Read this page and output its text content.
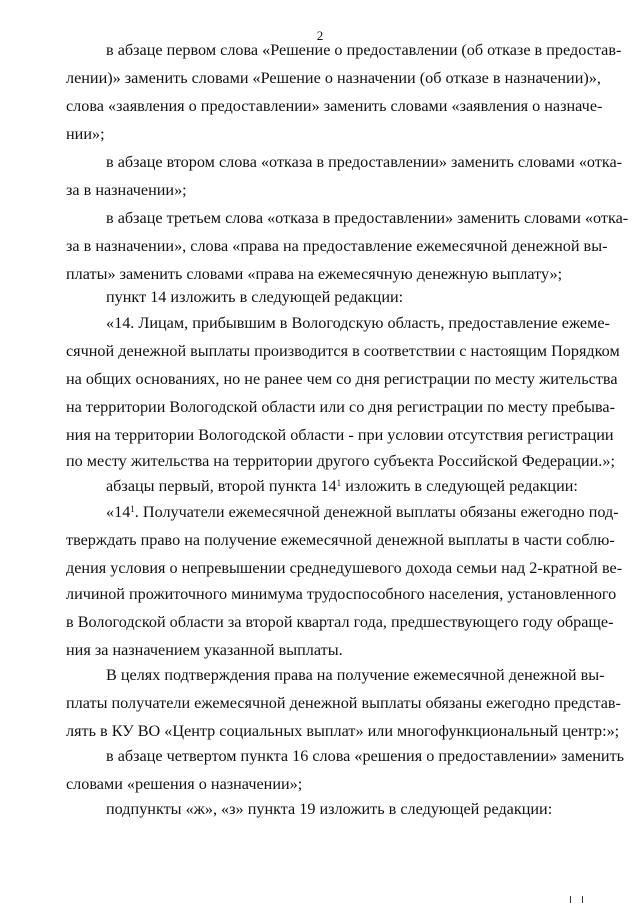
2
в абзаце первом слова «Решение о предоставлении (об отказе в предостав-
лении)» заменить словами «Решение о назначении (об отказе в назначении)»,
слова «заявления о предоставлении» заменить словами «заявления о назначе-
нии»;
в абзаце втором слова «отказа в предоставлении» заменить словами «отка-
за в назначении»;
в абзаце третьем слова «отказа в предоставлении» заменить словами «отка-
за в назначении», слова «права на предоставление ежемесячной денежной вы-
платы» заменить словами «права на ежемесячную денежную выплату»;
пункт 14 изложить в следующей редакции:
«14. Лицам, прибывшим в Вологодскую область, предоставление ежеме-
сячной денежной выплаты производится в соответствии с настоящим Порядком
на общих основаниях, но не ранее чем со дня регистрации по месту жительства
на территории Вологодской области или со дня регистрации по месту пребыва-
ния на территории Вологодской области - при условии отсутствия регистрации
по месту жительства на территории другого субъекта Российской Федерации.»;
абзацы первый, второй пункта $14^1$ изложить в следующей редакции:
«$14^1$. Получатели ежемесячной денежной выплаты обязаны ежегодно под-
тверждать право на получение ежемесячной денежной выплаты в части соблю-
дения условия о непревышении среднедушевого дохода семьи над 2-кратной ве-
личиной прожиточного минимума трудоспособного населения, установленного
в Вологодской области за второй квартал года, предшествующего году обраще-
ния за назначением указанной выплаты.
В целях подтверждения права на получение ежемесячной денежной вы-
платы получатели ежемесячной денежной выплаты обязаны ежегодно представ-
лять в КУ ВО «Центр социальных выплат» или многофункциональный центр:»;
в абзаце четвертом пункта 16 слова «решения о предоставлении» заменить
словами «решения о назначении»;
подпункты «ж», «з» пункта 19 изложить в следующей редакции:
